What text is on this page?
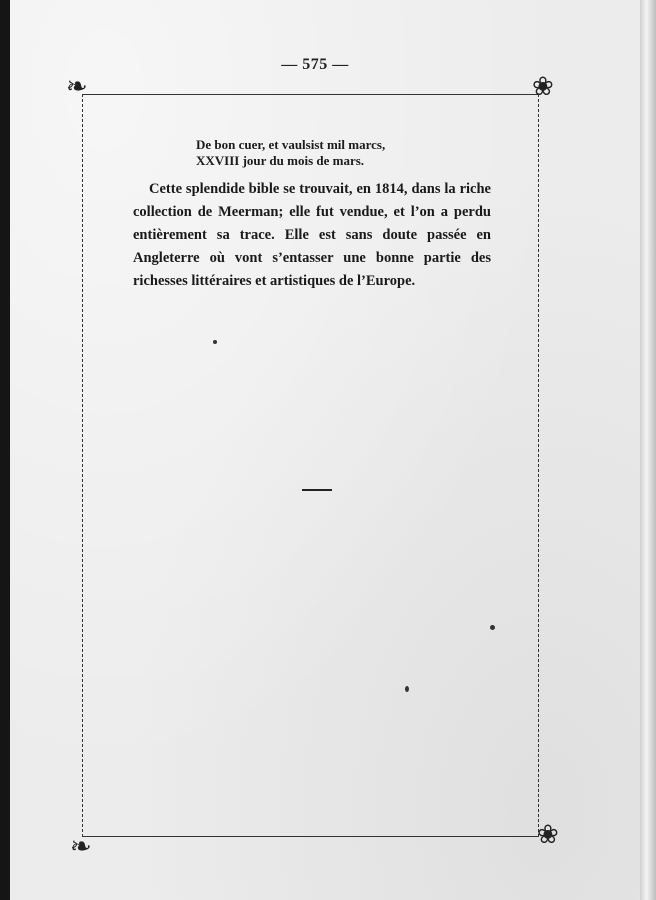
— 575 —
❧	❀
❧	❀
De bon cuer, et vaulsist mil marcs,
XXVIII jour du mois de mars.
Cette splendide bible se trouvait, en 1814, dans la riche collection de Meerman; elle fut vendue, et l’on a perdu entièrement sa trace. Elle est sans doute passée en Angleterre où vont s’entasser une bonne partie des richesses littéraires et artistiques de l’Europe.
